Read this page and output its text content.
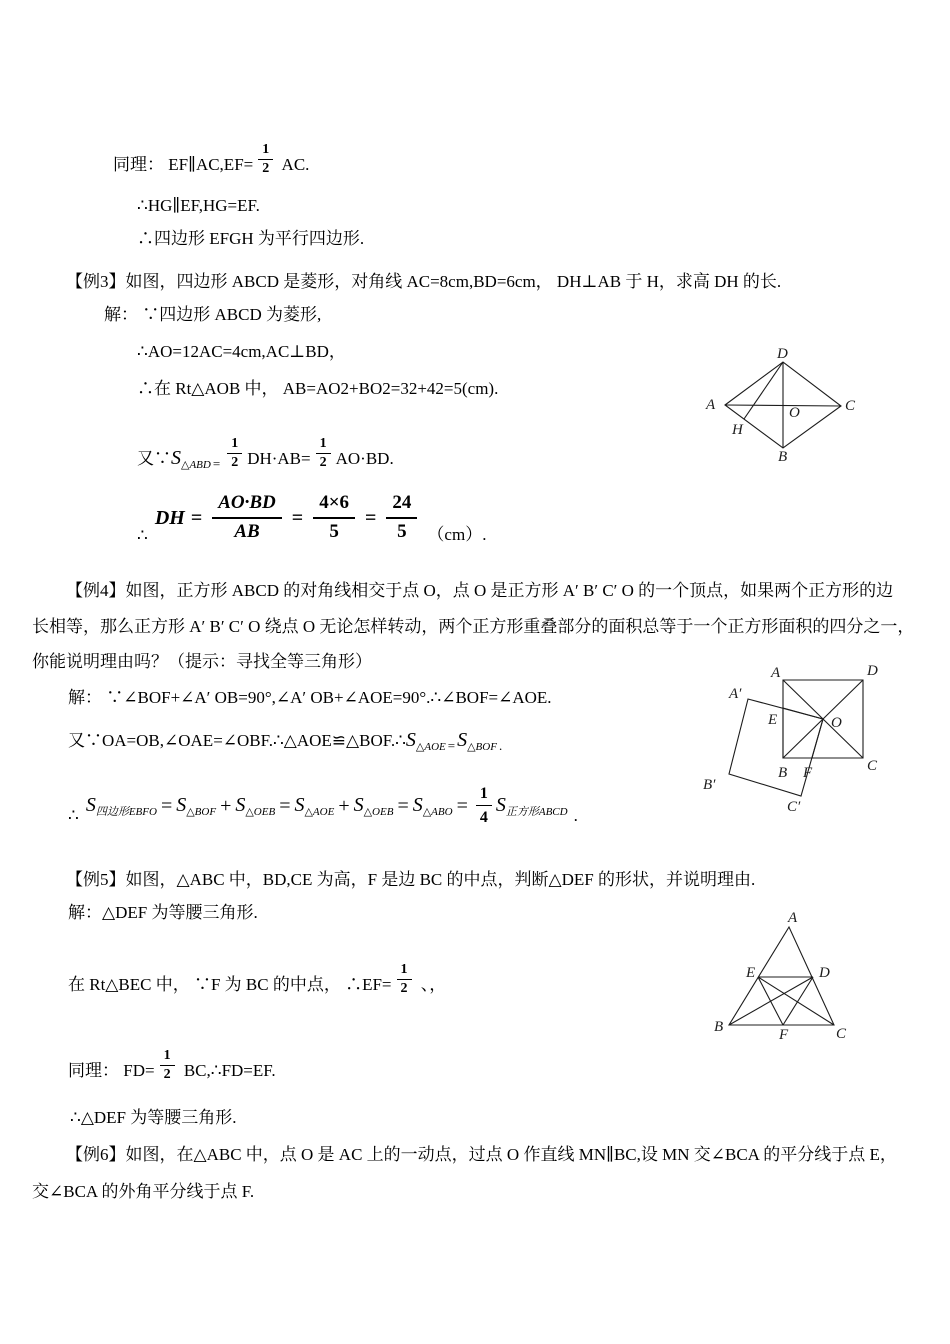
同理： EF∥AC,EF= $\frac{1}{2}$ AC.
∴HG∥EF,HG=EF.
∴四边形 EFGH 为平行四边形.
【例3】如图，四边形 ABCD 是菱形，对角线 AC=8cm,BD=6cm， DH⊥AB 于 H，求高 DH 的长.
解： ∵四边形 ABCD 为菱形,
∴AO=12AC=4cm,AC⊥BD，
∴在 Rt△AOB 中， AB=AO2+BO2=32+42=5(cm).
又$\because S_{\triangle ABD}$ $_= \frac{1}{2} DH\cdot AB= \frac{1}{2} AO\cdot BD$.
∴
DH = $\frac{AO\cdot BD}{AB} = \frac{4\times 6}{5} = \frac{24}{5} (cm)$.
A
D
C
B
O
H
【例4】如图，正方形 ABCD 的对角线相交于点 O，点 O 是正方形 A′ B′ C′ O 的一个顶点，如果两个正方形的边
长相等，那么正方形 A′ B′ C′ O 绕点 O 无论怎样转动，两个正方形重叠部分的面积总等于一个正方形面积的四分之一，
你能说明理由吗？（提示：寻找全等三角形）
解： ∵∠BOF+∠A′ OB=90°,∠A′ OB+∠AOE=90°.∴∠BOF=∠AOE.
又$\because OA=OB,\angle OAE=\angle OBF.\therefore\triangle AOE≌\triangle BOF.\therefore S_{\triangle AOE}$ $_=$ $S_{\triangle BOF}$ $_.$
∴ $S_{四边形EBFO} = S_{\triangle BOF} + S_{\triangle OEB} = S_{\triangle AOE} + S_{\triangle OEB} = S_{\triangle ABO} = \frac{1}{4} S_{正方形ABCD}$ .
A	D
C
B
O
E
F
A′
B′
C′
【例5】如图，△ABC 中，BD,CE 为高，F 是边 BC 的中点，判断△DEF 的形状，并说明理由.
解：△DEF 为等腰三角形.
在 Rt△BEC 中， ∵F 为 BC 的中点， ∴EF= $\frac{1}{2}$ 、，
同理： $FD= \frac{1}{2}$ BC,∴FD=EF.
∴△DEF 为等腰三角形.
A
E	D
B	C
F
【例6】如图，在△ABC 中，点 O 是 AC 上的一动点，过点 O 作直线 MN∥BC,设 MN 交∠BCA 的平分线于点 E，
交∠BCA 的外角平分线于点 F.
